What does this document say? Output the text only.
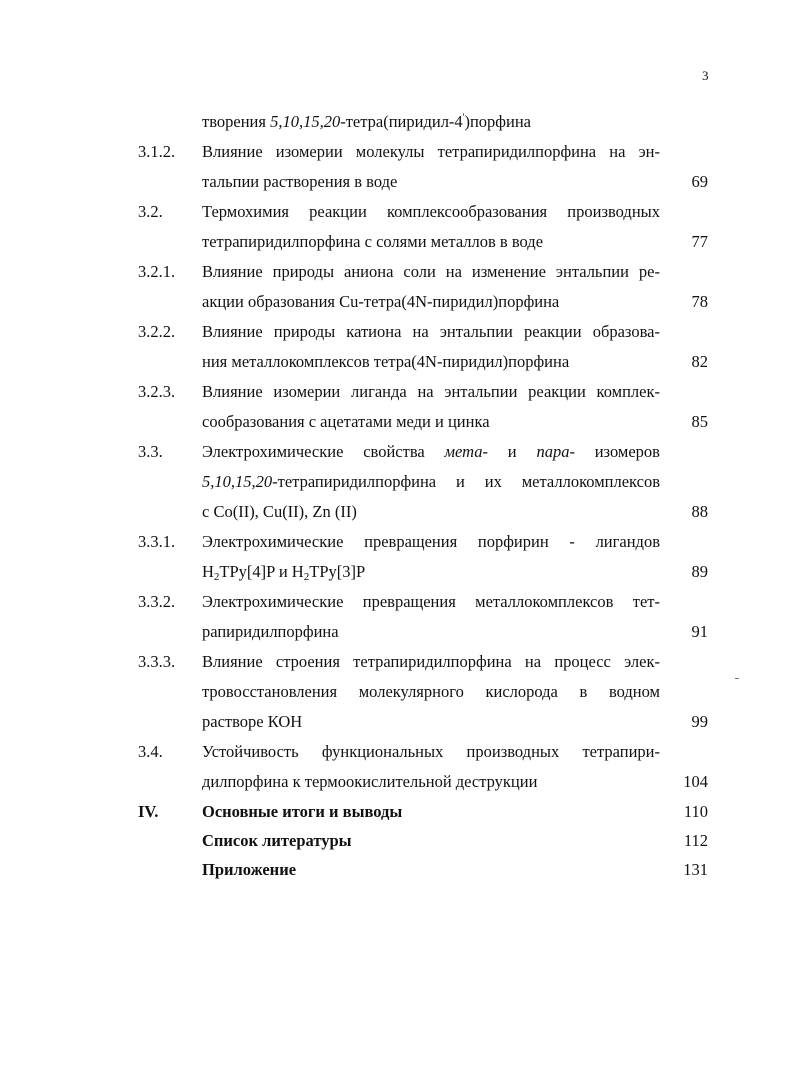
3
творения 5,10,15,20-тетра(пиридил-4')порфина
3.1.2. Влияние изомерии молекулы тетрапиридилпорфина на эн-
тальпии растворения в воде	69
3.2. Термохимия реакции комплексообразования производных
тетрапиридилпорфина с солями металлов в воде	77
3.2.1. Влияние природы аниона соли на изменение энтальпии ре-
акции образования Cu-тетра(4N-пиридил)порфина	78
3.2.2. Влияние природы катиона на энтальпии реакции образова-
ния металлокомплексов тетра(4N-пиридил)порфина	82
3.2.3. Влияние изомерии лиганда на энтальпии реакции комплек-
сообразования с ацетатами меди и цинка	85
3.3. Электрохимические свойства мета- и пара- изомеров
5,10,15,20-тетрапиридилпорфина и их металлокомплексов
с Co(II), Cu(II), Zn (II)	88
3.3.1. Электрохимические превращения порфирин - лигандов
$H_2TPy[4]P$ и $H_2TPy[3]P$	89
3.3.2. Электрохимические превращения металлокомплексов тет-
рапиридилпорфина	91
3.3.3. Влияние строения тетрапиридилпорфина на процесс элек-
тровосстановления молекулярного кислорода в водном
растворе КОН	99
3.4. Устойчивость функциональных производных тетрапири-
дилпорфина к термоокислительной деструкции	104
IV.	Основные итоги и выводы	110
Список литературы	112
Приложение	131
